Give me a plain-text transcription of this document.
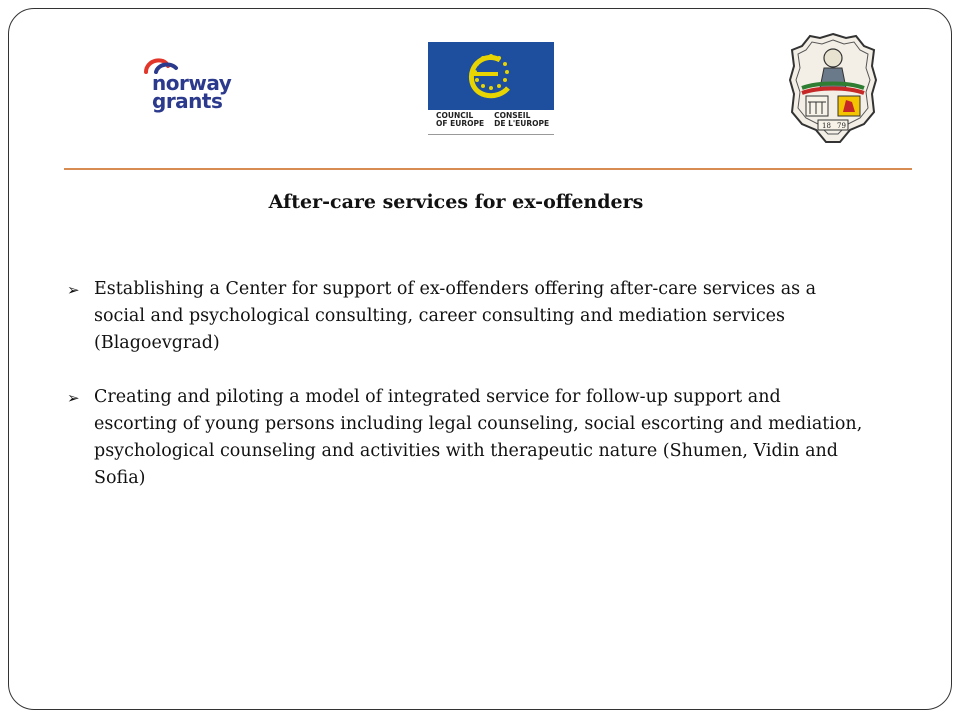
norway
grants
COUNCIL
OF EUROPE
CONSEIL
DE L'EUROPE	18 79
After-care services for ex-offenders
➢ Establishing a Center for support of ex-offenders offering after-care services as a social and psychological consulting, career consulting and mediation services (Blagoevgrad)
➢ Creating and piloting a model of integrated service for follow-up support and escorting of young persons including legal counseling, social escorting and mediation, psychological counseling and activities with therapeutic nature (Shumen, Vidin and Sofia)
